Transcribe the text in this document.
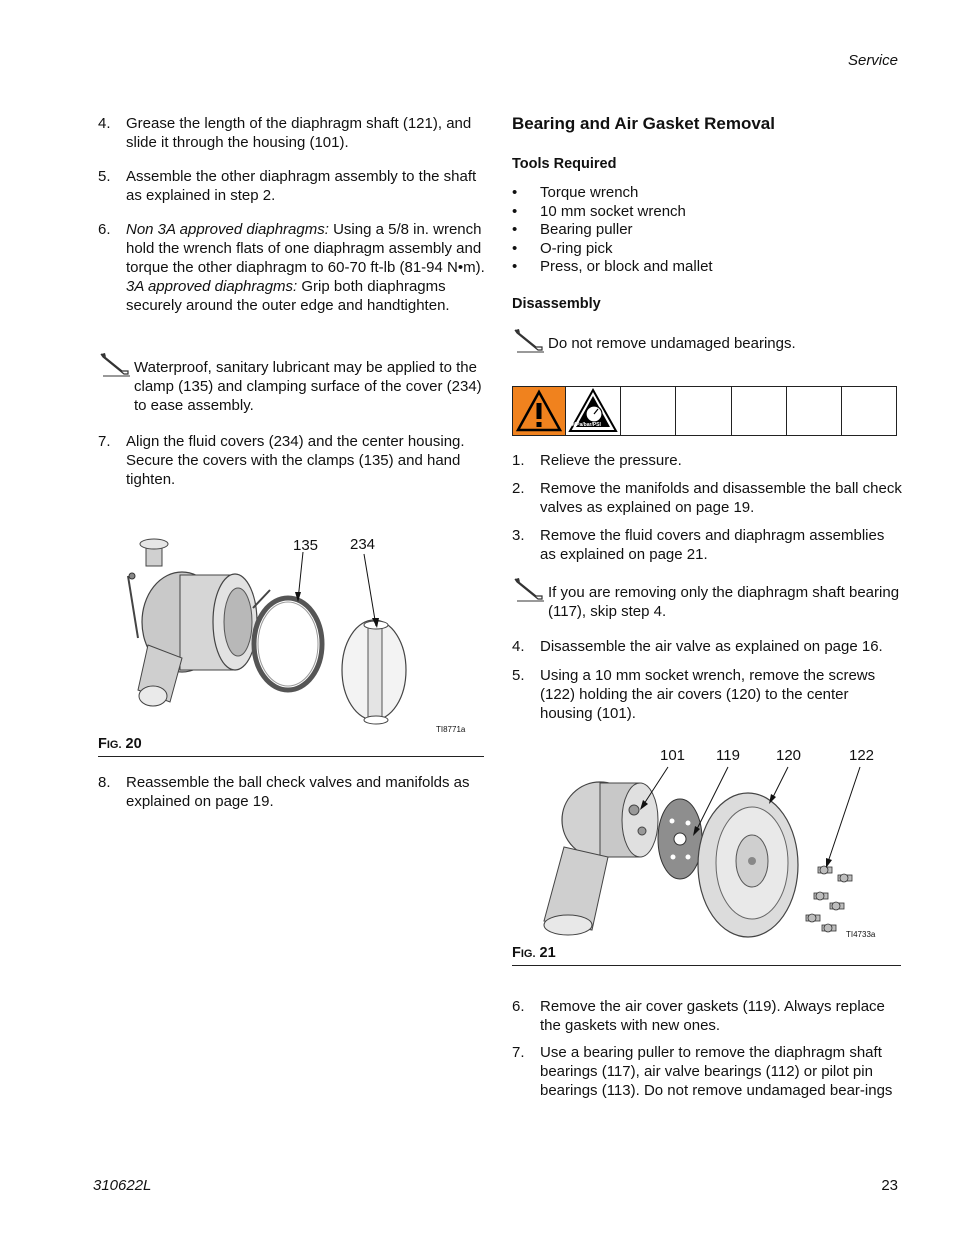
Service
310622L	23
4. Grease the length of the diaphragm shaft (121), and slide it through the housing (101).
5. Assemble the other diaphragm assembly to the shaft as explained in step 2.
6. Non 3A approved diaphragms: Using a 5/8 in. wrench hold the wrench flats of one diaphragm assembly and torque the other diaphragm to 60-70 ft-lb (81-94 N•m).
3A approved diaphragms: Grip both diaphragms securely around the outer edge and handtighten.
Waterproof, sanitary lubricant may be applied to the clamp (135) and clamping surface of the cover (234) to ease assembly.
7. Align the fluid covers (234) and the center housing. Secure the covers with the clamps (135) and hand tighten.
135 234
TI8771a
FIG. 20
8. Reassemble the ball check valves and manifolds as explained on page 19.
Bearing and Air Gasket Removal
Tools Required
• Torque wrench
• 10 mm socket wrench
• Bearing puller
• O-ring pick
• Press, or block and mallet
Disassembly
Do not remove undamaged bearings.
MPa/bar/PSI
1. Relieve the pressure.
2. Remove the manifolds and disassemble the ball check valves as explained on page 19.
3. Remove the fluid covers and diaphragm assemblies as explained on page 21.
If you are removing only the diaphragm shaft bearing (117), skip step 4.
4. Disassemble the air valve as explained on page 16.
5. Using a 10 mm socket wrench, remove the screws (122) holding the air covers (120) to the center housing (101).
101 119 120	122
TI4733a
FIG. 21
6. Remove the air cover gaskets (119). Always replace the gaskets with new ones.
7. Use a bearing puller to remove the diaphragm shaft bearings (117), air valve bearings (112) or pilot pin bearings (113). Do not remove undamaged bear-ings
